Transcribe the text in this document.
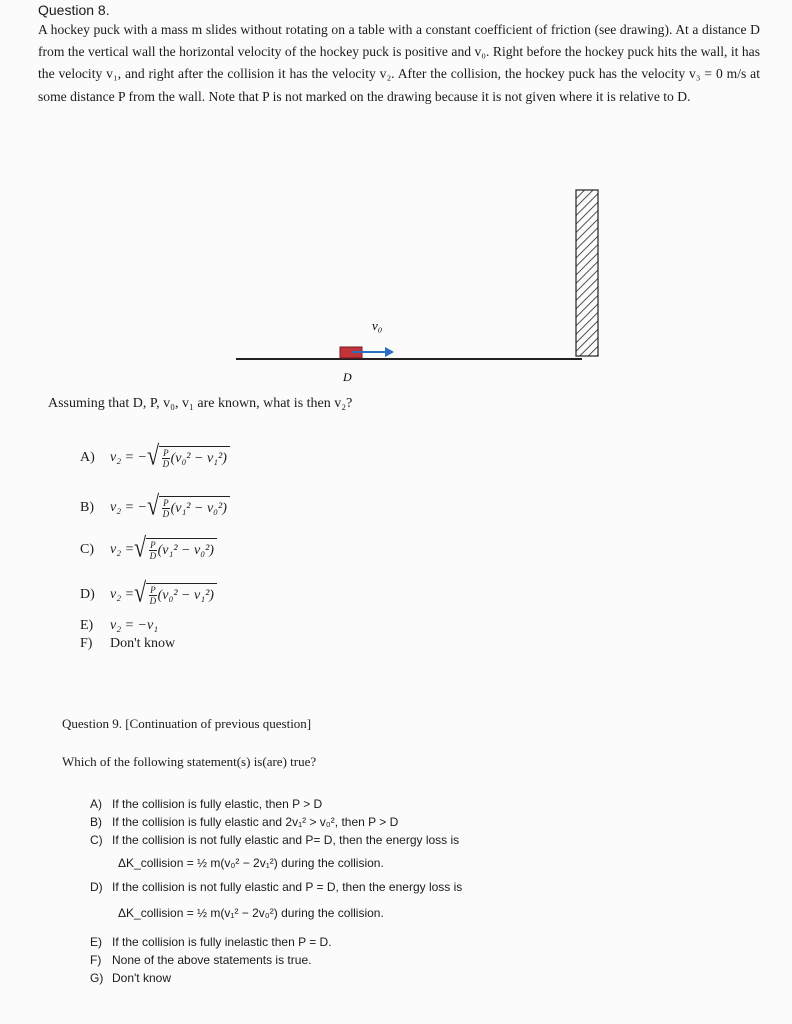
Question 8.
A hockey puck with a mass m slides without rotating on a table with a constant coefficient of friction (see drawing). At a distance D from the vertical wall the horizontal velocity of the hockey puck is positive and v₀. Right before the hockey puck hits the wall, it has the velocity v₁, and right after the collision it has the velocity v₂. After the collision, the hockey puck has the velocity v₃ = 0 m/s at some distance P from the wall. Note that P is not marked on the drawing because it is not given where it is relative to D.
v₀
D
Assuming that D, P, v₀, v₁ are known, what is then v₂?
A)	v₂ = − √ $\frac{P}{D} (v_0^2 - v_1^2)$
B)	v₂ = − √ $\frac{P}{D} (v_1^2 - v_0^2)$
C)	v₂ = √ $\frac{P}{D} (v_1^2 - v_0^2)$
D)	v₂ = √ $\frac{P}{D} (v_0^2 - v_1^2)$
E)	v₂ = −v₁
F)	Don't know
Question 9. [Continuation of previous question]
Which of the following statement(s) is(are) true?
A) If the collision is fully elastic, then P > D
B) If the collision is fully elastic and 2v₁² > v₀², then P > D
C) If the collision is not fully elastic and P= D, then the energy loss is
ΔK_collision = ½ m(v₀² − 2v₁²) during the collision.
D) If the collision is not fully elastic and P = D, then the energy loss is
ΔK_collision = ½ m(v₁² − 2v₀²) during the collision.
E) If the collision is fully inelastic then P = D.
F) None of the above statements is true.
G) Don't know
